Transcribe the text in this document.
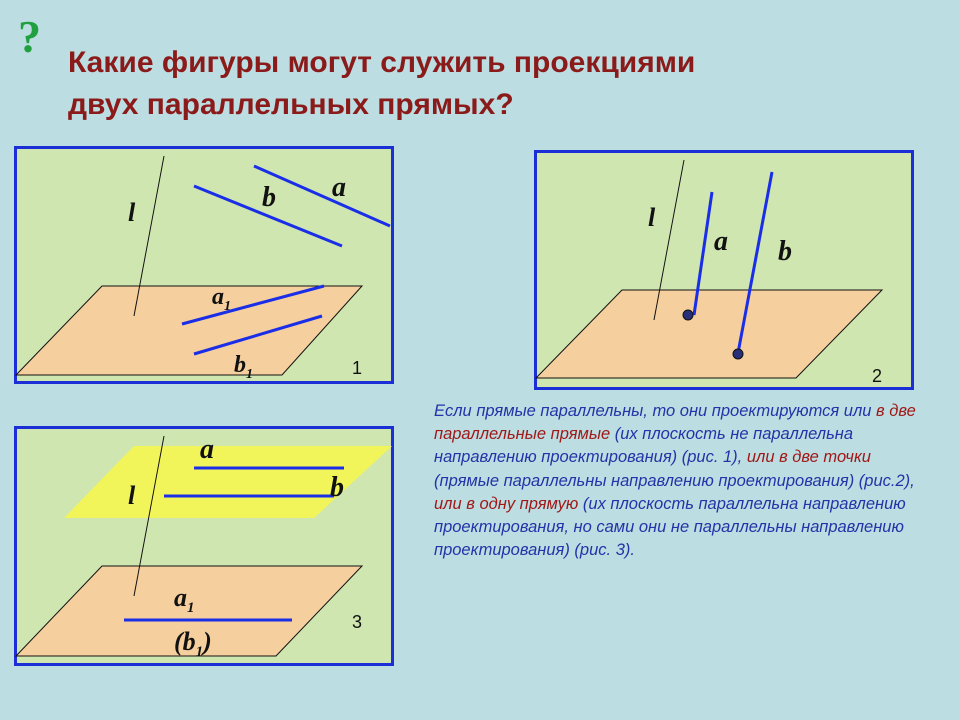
?
Какие фигуры могут служить проекциями
двух параллельных прямых?
l	b a
$a_1$
$b_1$	1
l
a b
2
l
a
b
$a_1$
$(b_1)$
3
Если прямые параллельны, то они проектируются или в две параллельные прямые (их плоскость не параллельна направлению проектирования) (рис. 1), или в две точки (прямые параллельны направлению проектирования) (рис.2), или в одну прямую (их плоскость параллельна направлению проектирования, но сами они не параллельны направлению проектирования) (рис. 3).
